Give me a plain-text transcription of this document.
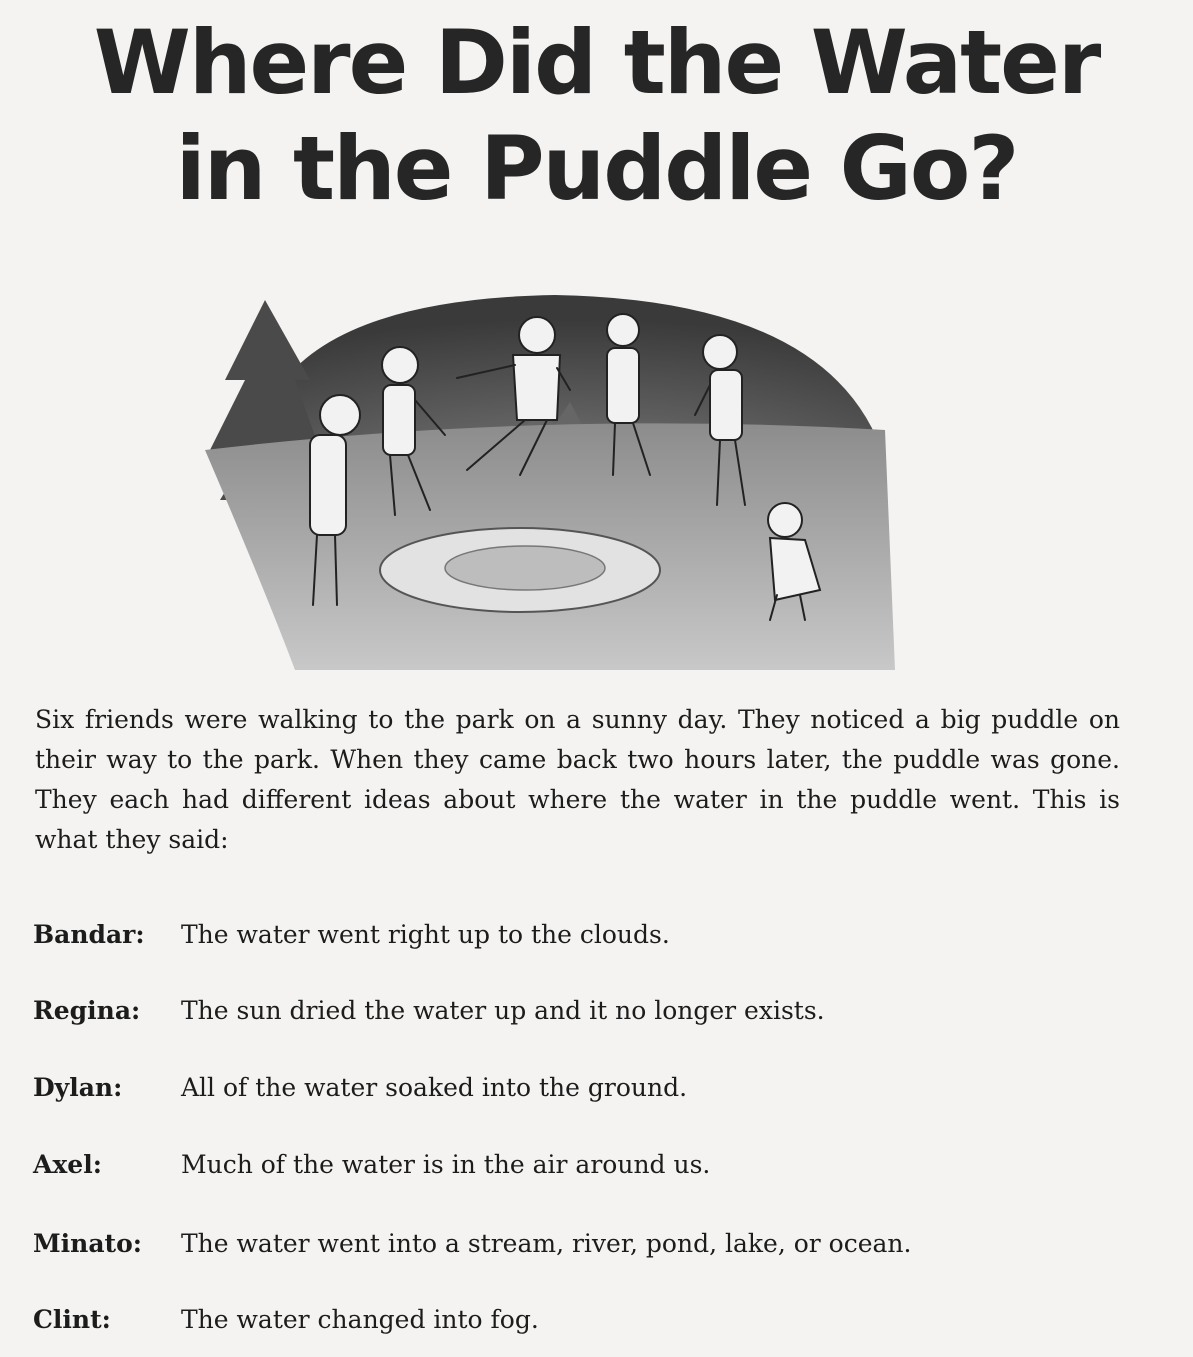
Where Did the Water
in the Puddle Go?

Six friends were walking to the park on a sunny day. They noticed a big puddle on their way to the park. When they came back two hours later, the puddle was gone. They each had different ideas about where the water in the puddle went. This is what they said:

Bandar:	The water went right up to the clouds.
Regina:	The sun dried the water up and it no longer exists.
Dylan:	All of the water soaked into the ground.
Axel:	Much of the water is in the air around us.
Minato:	The water went into a stream, river, pond, lake, or ocean.
Clint:	The water changed into fog.
